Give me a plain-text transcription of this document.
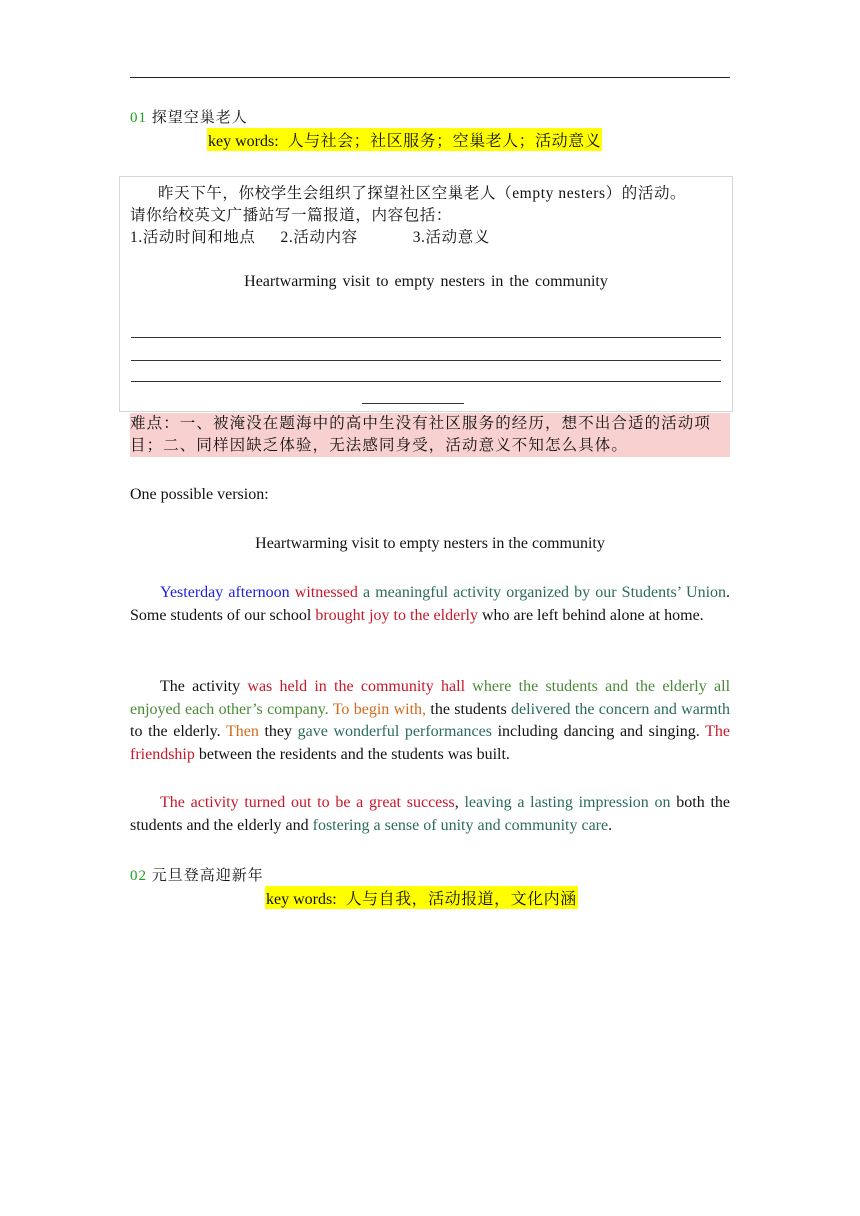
01 探望空巢老人
key words: 人与社会；社区服务；空巢老人；活动意义
昨天下午，你校学生会组织了探望社区空巢老人（empty nesters）的活动。
请你给校英文广播站写一篇报道，内容包括：
1.活动时间和地点 2.活动内容	3.活动意义
Heartwarming visit to empty nesters in the community
难点：一、被淹没在题海中的高中生没有社区服务的经历，想不出合适的活动项目；二、同样因缺乏体验，无法感同身受，活动意义不知怎么具体。
One possible version:
Heartwarming visit to empty nesters in the community
Yesterday afternoon witnessed a meaningful activity organized by our Students’ Union. Some students of our school brought joy to the elderly who are left behind alone at home.
The activity was held in the community hall where the students and the elderly all enjoyed each other’s company. To begin with, the students delivered the concern and warmth to the elderly. Then they gave wonderful performances including dancing and singing. The friendship between the residents and the students was built.
The activity turned out to be a great success, leaving a lasting impression on both the students and the elderly and fostering a sense of unity and community care.
02 元旦登高迎新年
key words: 人与自我，活动报道，文化内涵
